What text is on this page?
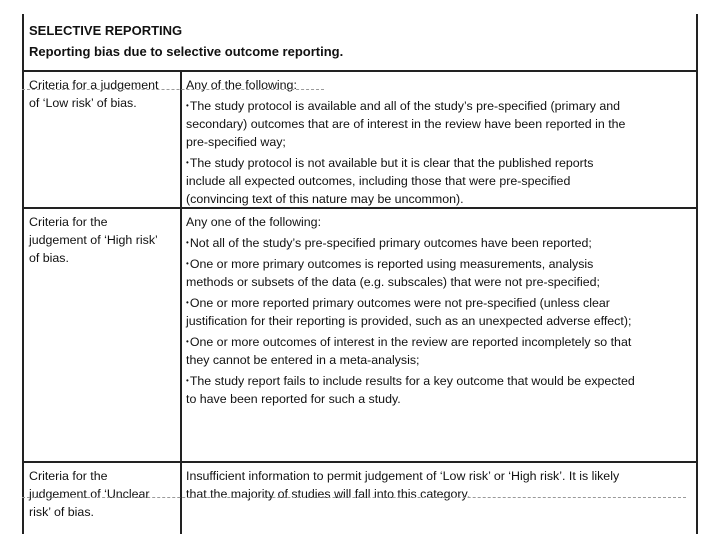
SELECTIVE REPORTING
Reporting bias due to selective outcome reporting.
Criteria for a judgement
of ‘Low risk’ of bias.
Any of the following:
•The study protocol is available and all of the study’s pre-specified (primary and
secondary) outcomes that are of interest in the review have been reported in the
pre-specified way;
•The study protocol is not available but it is clear that the published reports
include all expected outcomes, including those that were pre-specified
(convincing text of this nature may be uncommon).
Criteria for the
judgement of ‘High risk’
of bias.
Any one of the following:
•Not all of the study’s pre-specified primary outcomes have been reported;
•One or more primary outcomes is reported using measurements, analysis
methods or subsets of the data (e.g. subscales) that were not pre-specified;
•One or more reported primary outcomes were not pre-specified (unless clear
justification for their reporting is provided, such as an unexpected adverse effect);
•One or more outcomes of interest in the review are reported incompletely so that
they cannot be entered in a meta-analysis;
•The study report fails to include results for a key outcome that would be expected
to have been reported for such a study.
Criteria for the
judgement of ‘Unclear
risk’ of bias.
Insufficient information to permit judgement of ‘Low risk’ or ‘High risk’. It is likely
that the majority of studies will fall into this category.
